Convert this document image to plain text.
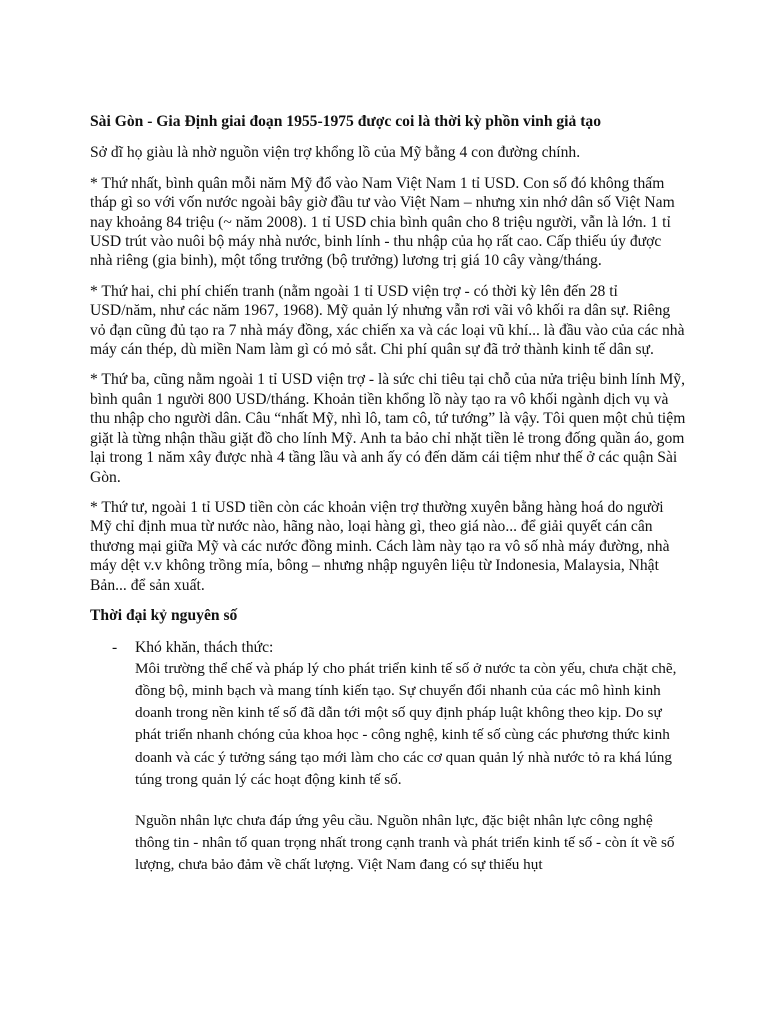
Sài Gòn - Gia Định giai đoạn 1955-1975 được coi là thời kỳ phồn vinh giả tạo

Sở dĩ họ giàu là nhờ nguồn viện trợ khổng lồ của Mỹ bằng 4 con đường chính.

* Thứ nhất, bình quân mỗi năm Mỹ đổ vào Nam Việt Nam 1 tỉ USD. Con số đó không thấm tháp gì so với vốn nước ngoài bây giờ đầu tư vào Việt Nam – nhưng xin nhớ dân số Việt Nam nay khoảng 84 triệu (~ năm 2008). 1 tỉ USD chia bình quân cho 8 triệu người, vẫn là lớn. 1 tỉ USD trút vào nuôi bộ máy nhà nước, binh lính - thu nhập của họ rất cao. Cấp thiếu úy được nhà riêng (gia binh), một tổng trưởng (bộ trưởng) lương trị giá 10 cây vàng/tháng.

* Thứ hai, chi phí chiến tranh (nằm ngoài 1 tỉ USD viện trợ - có thời kỳ lên đến 28 tỉ USD/năm, như các năm 1967, 1968). Mỹ quản lý nhưng vẫn rơi vãi vô khối ra dân sự. Riêng vỏ đạn cũng đủ tạo ra 7 nhà máy đồng, xác chiến xa và các loại vũ khí... là đầu vào của các nhà máy cán thép, dù miền Nam làm gì có mỏ sắt. Chi phí quân sự đã trở thành kinh tế dân sự.

* Thứ ba, cũng nằm ngoài 1 tỉ USD viện trợ - là sức chi tiêu tại chỗ của nửa triệu binh lính Mỹ, bình quân 1 người 800 USD/tháng. Khoản tiền khổng lồ này tạo ra vô khối ngành dịch vụ và thu nhập cho người dân. Câu “nhất Mỹ, nhì lô, tam cô, tứ tướng” là vậy. Tôi quen một chủ tiệm giặt là từng nhận thầu giặt đồ cho lính Mỹ. Anh ta bảo chỉ nhặt tiền lẻ trong đống quần áo, gom lại trong 1 năm xây được nhà 4 tầng lầu và anh ấy có đến dăm cái tiệm như thế ở các quận Sài Gòn.

* Thứ tư, ngoài 1 tỉ USD tiền còn các khoản viện trợ thường xuyên bằng hàng hoá do người Mỹ chỉ định mua từ nước nào, hãng nào, loại hàng gì, theo giá nào... để giải quyết cán cân thương mại giữa Mỹ và các nước đồng minh. Cách làm này tạo ra vô số nhà máy đường, nhà máy dệt v.v không trồng mía, bông – nhưng nhập nguyên liệu từ Indonesia, Malaysia, Nhật Bản... để sản xuất.

Thời đại kỷ nguyên số

- Khó khăn, thách thức:

Môi trường thể chế và pháp lý cho phát triển kinh tế số ở nước ta còn yếu, chưa chặt chẽ, đồng bộ, minh bạch và mang tính kiến tạo. Sự chuyển đổi nhanh của các mô hình kinh doanh trong nền kinh tế số đã dẫn tới một số quy định pháp luật không theo kịp. Do sự phát triển nhanh chóng của khoa học - công nghệ, kinh tế số cùng các phương thức kinh doanh và các ý tưởng sáng tạo mới làm cho các cơ quan quản lý nhà nước tỏ ra khá lúng túng trong quản lý các hoạt động kinh tế số.

Nguồn nhân lực chưa đáp ứng yêu cầu. Nguồn nhân lực, đặc biệt nhân lực công nghệ thông tin - nhân tố quan trọng nhất trong cạnh tranh và phát triển kinh tế số - còn ít về số lượng, chưa bảo đảm về chất lượng. Việt Nam đang có sự thiếu hụt
